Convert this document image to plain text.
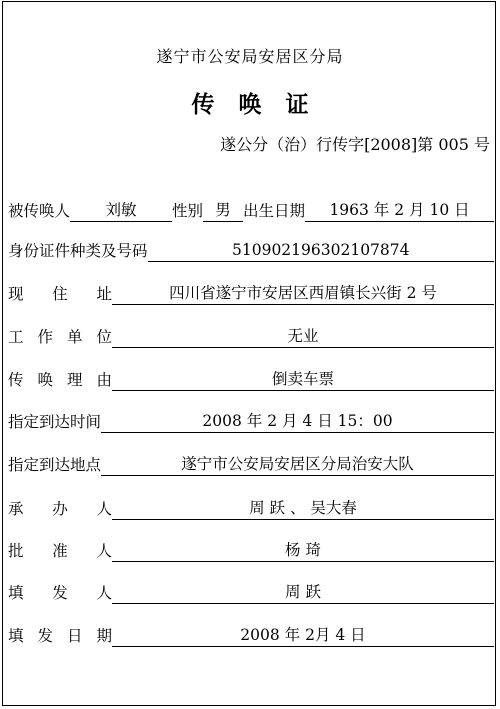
遂宁市公安局安居区分局
传唤证
遂公分（治）行传字[2008]第 005 号
被传唤人	刘敏	性别 男 出生日期	1963 年 2 月 10 日
身份证件种类及号码	510902196302107874
现 住 址	四川省遂宁市安居区西眉镇长兴街 2 号
工 作 单 位	无业
传 唤 理 由	倒卖车票
指定到达时间	2008 年 2 月 4 日 15：00
指定到达地点	遂宁市公安局安居区分局治安大队
承 办 人	周 跃 、 吴大春
批 准 人	杨 琦
填 发 人	周 跃
填 发 日 期	2008 年 2月 4 日
